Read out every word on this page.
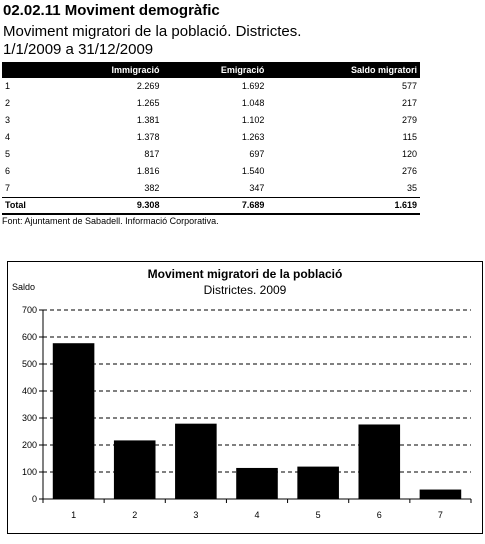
02.02.11 Moviment demogràfic
Moviment migratori de la població. Districtes.
1/1/2009 a 31/12/2009
	Immigració	Emigració	Saldo migratori
1	2.269	1.692	577
2	1.265	1.048	217
3	1.381	1.102	279
4	1.378	1.263	115
5	817	697	120
6	1.816	1.540	276
7	382	347	35
Total	9.308	7.689	1.619
Font: Ajuntament de Sabadell. Informació Corporativa.
Moviment migratori de la població
Districtes. 2009
Saldo
0
100
200
300
400
500
600
700
1	2	3	4	5	6	7
